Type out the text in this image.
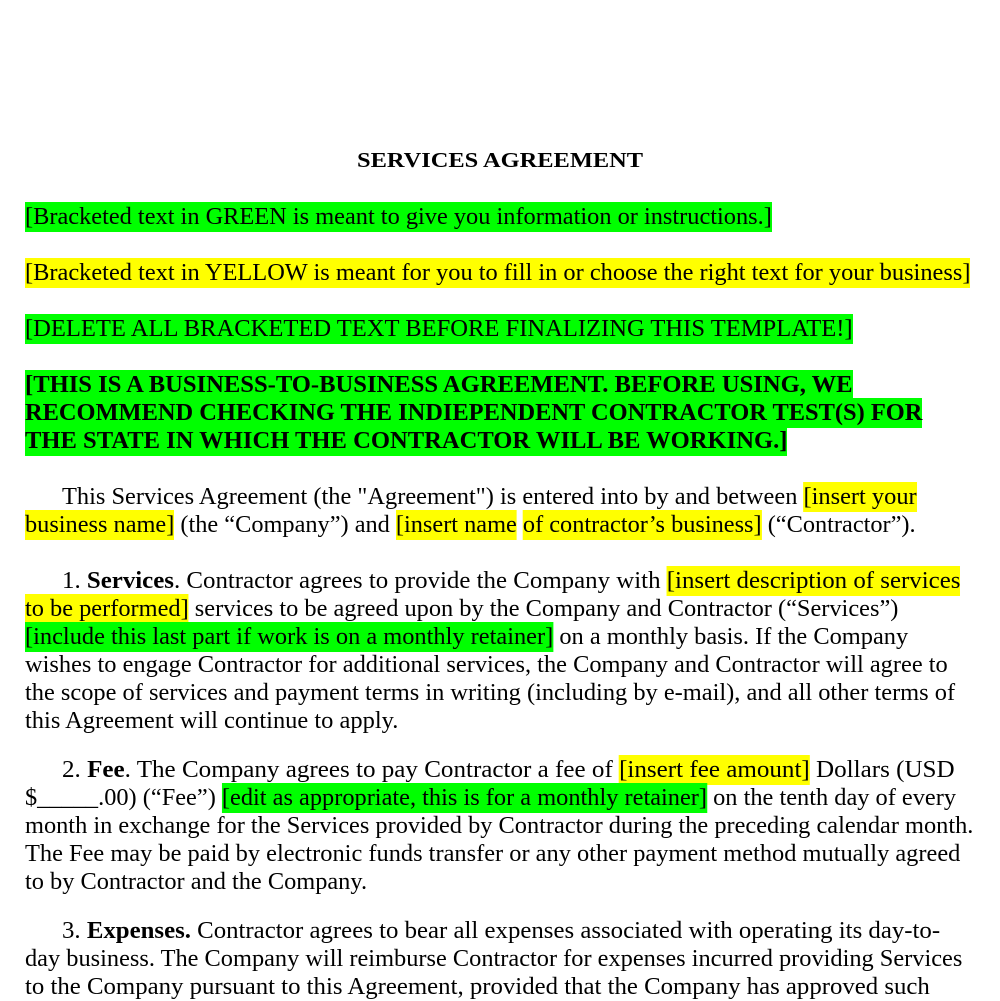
SERVICES AGREEMENT
[Bracketed text in GREEN is meant to give you information or instructions.]
[Bracketed text in YELLOW is meant for you to fill in or choose the right text for your business]
[DELETE ALL BRACKETED TEXT BEFORE FINALIZING THIS TEMPLATE!]
[THIS IS A BUSINESS-TO-BUSINESS AGREEMENT. BEFORE USING, WE
RECOMMEND CHECKING THE INDIEPENDENT CONTRACTOR TEST(S) FOR
THE STATE IN WHICH THE CONTRACTOR WILL BE WORKING.]
This Services Agreement (the "Agreement") is entered into by and between [insert your
business name] (the “Company”) and [insert name of contractor’s business] (“Contractor”).
1. Services. Contractor agrees to provide the Company with [insert description of services
to be performed] services to be agreed upon by the Company and Contractor (“Services”)
[include this last part if work is on a monthly retainer] on a monthly basis. If the Company
wishes to engage Contractor for additional services, the Company and Contractor will agree to
the scope of services and payment terms in writing (including by e-mail), and all other terms of
this Agreement will continue to apply.
2. Fee. The Company agrees to pay Contractor a fee of [insert fee amount] Dollars (USD
$_____.00) (“Fee”) [edit as appropriate, this is for a monthly retainer] on the tenth day of every
month in exchange for the Services provided by Contractor during the preceding calendar month.
The Fee may be paid by electronic funds transfer or any other payment method mutually agreed
to by Contractor and the Company.
3. Expenses. Contractor agrees to bear all expenses associated with operating its day-to-
day business. The Company will reimburse Contractor for expenses incurred providing Services
to the Company pursuant to this Agreement, provided that the Company has approved such
